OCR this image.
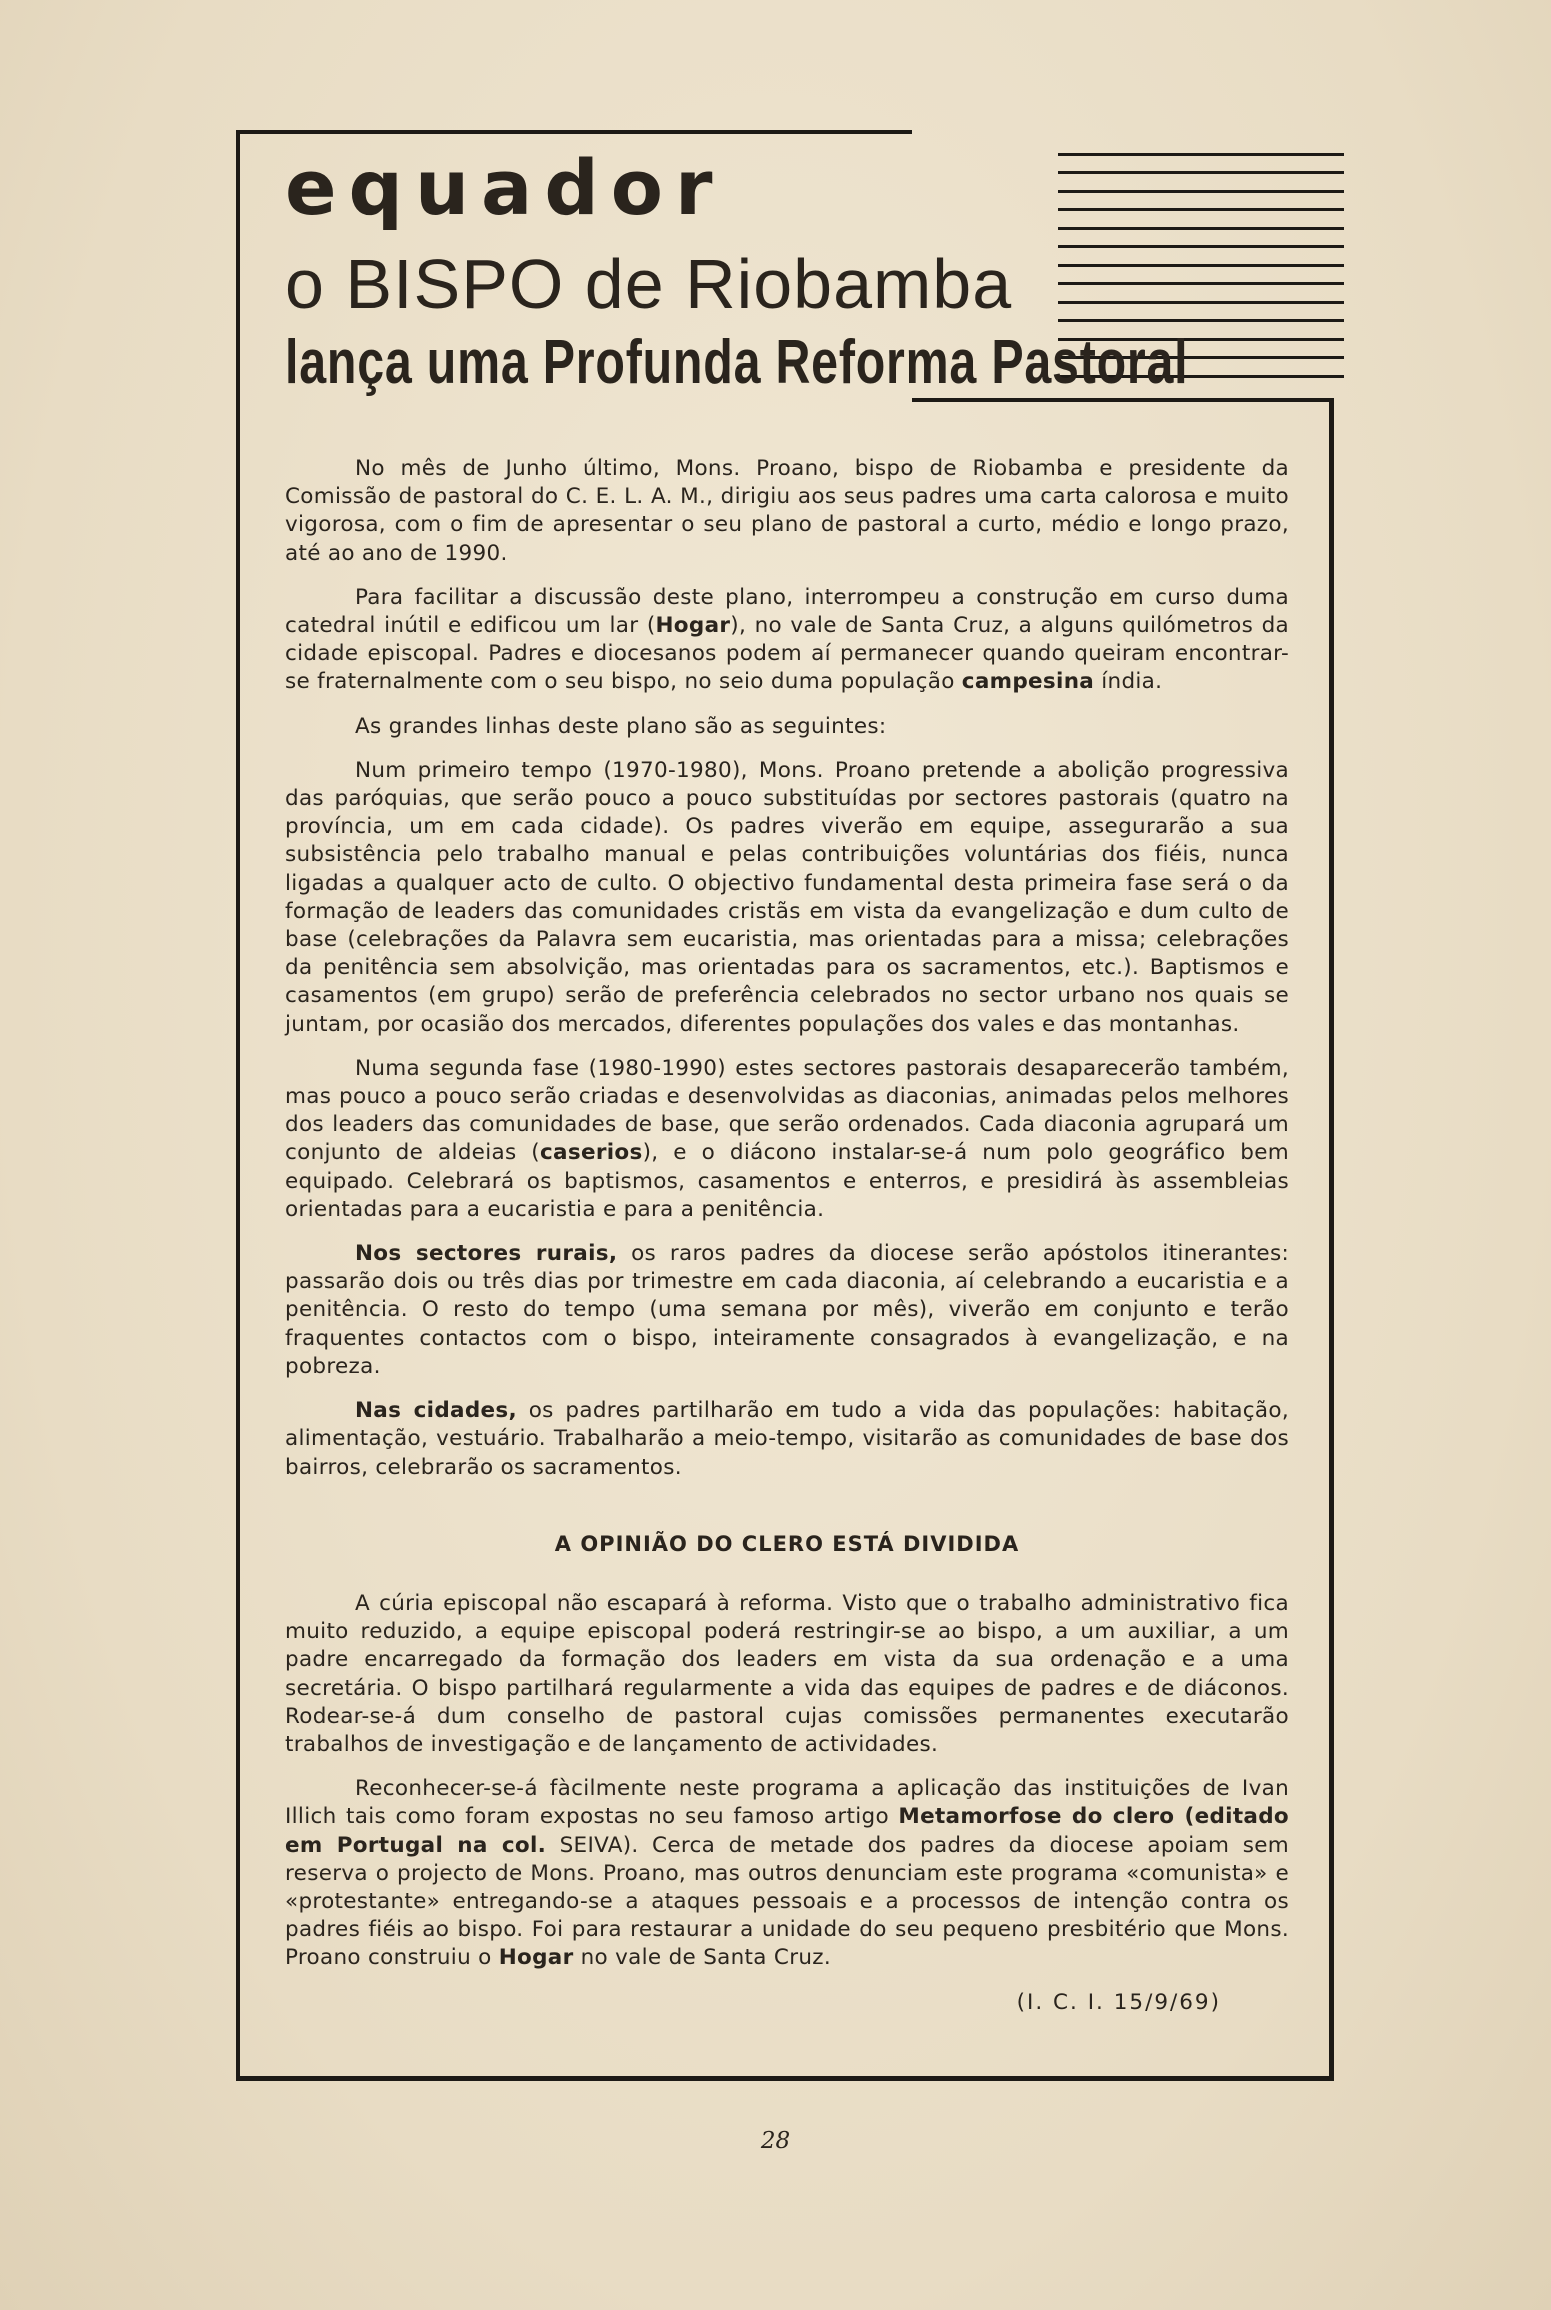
equador
o BISPO de Riobamba
lança uma Profunda Reforma Pastoral

No mês de Junho último, Mons. Proano, bispo de Riobamba e presidente da Comissão de pastoral do C. E. L. A. M., dirigiu aos seus padres uma carta calorosa e muito vigorosa, com o fim de apresentar o seu plano de pastoral a curto, médio e longo prazo, até ao ano de 1990.

Para facilitar a discussão deste plano, interrompeu a construção em curso duma catedral inútil e edificou um lar (Hogar), no vale de Santa Cruz, a alguns quilómetros da cidade episcopal. Padres e diocesanos podem aí permanecer quando queiram encontrar-se fraternalmente com o seu bispo, no seio duma população campesina índia.

As grandes linhas deste plano são as seguintes:

Num primeiro tempo (1970-1980), Mons. Proano pretende a abolição progressiva das paróquias, que serão pouco a pouco substituídas por sectores pastorais (quatro na província, um em cada cidade). Os padres viverão em equipe, assegurarão a sua subsistência pelo trabalho manual e pelas contribuições voluntárias dos fiéis, nunca ligadas a qualquer acto de culto. O objectivo fundamental desta primeira fase será o da formação de leaders das comunidades cristãs em vista da evangelização e dum culto de base (celebrações da Palavra sem eucaristia, mas orientadas para a missa; celebrações da penitência sem absolvição, mas orientadas para os sacramentos, etc.). Baptismos e casamentos (em grupo) serão de preferência celebrados no sector urbano nos quais se juntam, por ocasião dos mercados, diferentes populações dos vales e das montanhas.

Numa segunda fase (1980-1990) estes sectores pastorais desaparecerão também, mas pouco a pouco serão criadas e desenvolvidas as diaconias, animadas pelos melhores dos leaders das comunidades de base, que serão ordenados. Cada diaconia agrupará um conjunto de aldeias (caserios), e o diácono instalar-se-á num polo geográfico bem equipado. Celebrará os baptismos, casamentos e enterros, e presidirá às assembleias orientadas para a eucaristia e para a penitência.

Nos sectores rurais, os raros padres da diocese serão apóstolos itinerantes: passarão dois ou três dias por trimestre em cada diaconia, aí celebrando a eucaristia e a penitência. O resto do tempo (uma semana por mês), viverão em conjunto e terão fraquentes contactos com o bispo, inteiramente consagrados à evangelização, e na pobreza.

Nas cidades, os padres partilharão em tudo a vida das populações: habitação, alimentação, vestuário. Trabalharão a meio-tempo, visitarão as comunidades de base dos bairros, celebrarão os sacramentos.

A OPINIÃO DO CLERO ESTÁ DIVIDIDA

A cúria episcopal não escapará à reforma. Visto que o trabalho administrativo fica muito reduzido, a equipe episcopal poderá restringir-se ao bispo, a um auxiliar, a um padre encarregado da formação dos leaders em vista da sua ordenação e a uma secretária. O bispo partilhará regularmente a vida das equipes de padres e de diáconos. Rodear-se-á dum conselho de pastoral cujas comissões permanentes executarão trabalhos de investigação e de lançamento de actividades.

Reconhecer-se-á fàcilmente neste programa a aplicação das instituições de Ivan Illich tais como foram expostas no seu famoso artigo Metamorfose do clero (editado em Portugal na col. SEIVA). Cerca de metade dos padres da diocese apoiam sem reserva o projecto de Mons. Proano, mas outros denunciam este programa «comunista» e «protestante» entregando-se a ataques pessoais e a processos de intenção contra os padres fiéis ao bispo. Foi para restaurar a unidade do seu pequeno presbitério que Mons. Proano construiu o Hogar no vale de Santa Cruz.

(I. C. I. 15/9/69)

28
